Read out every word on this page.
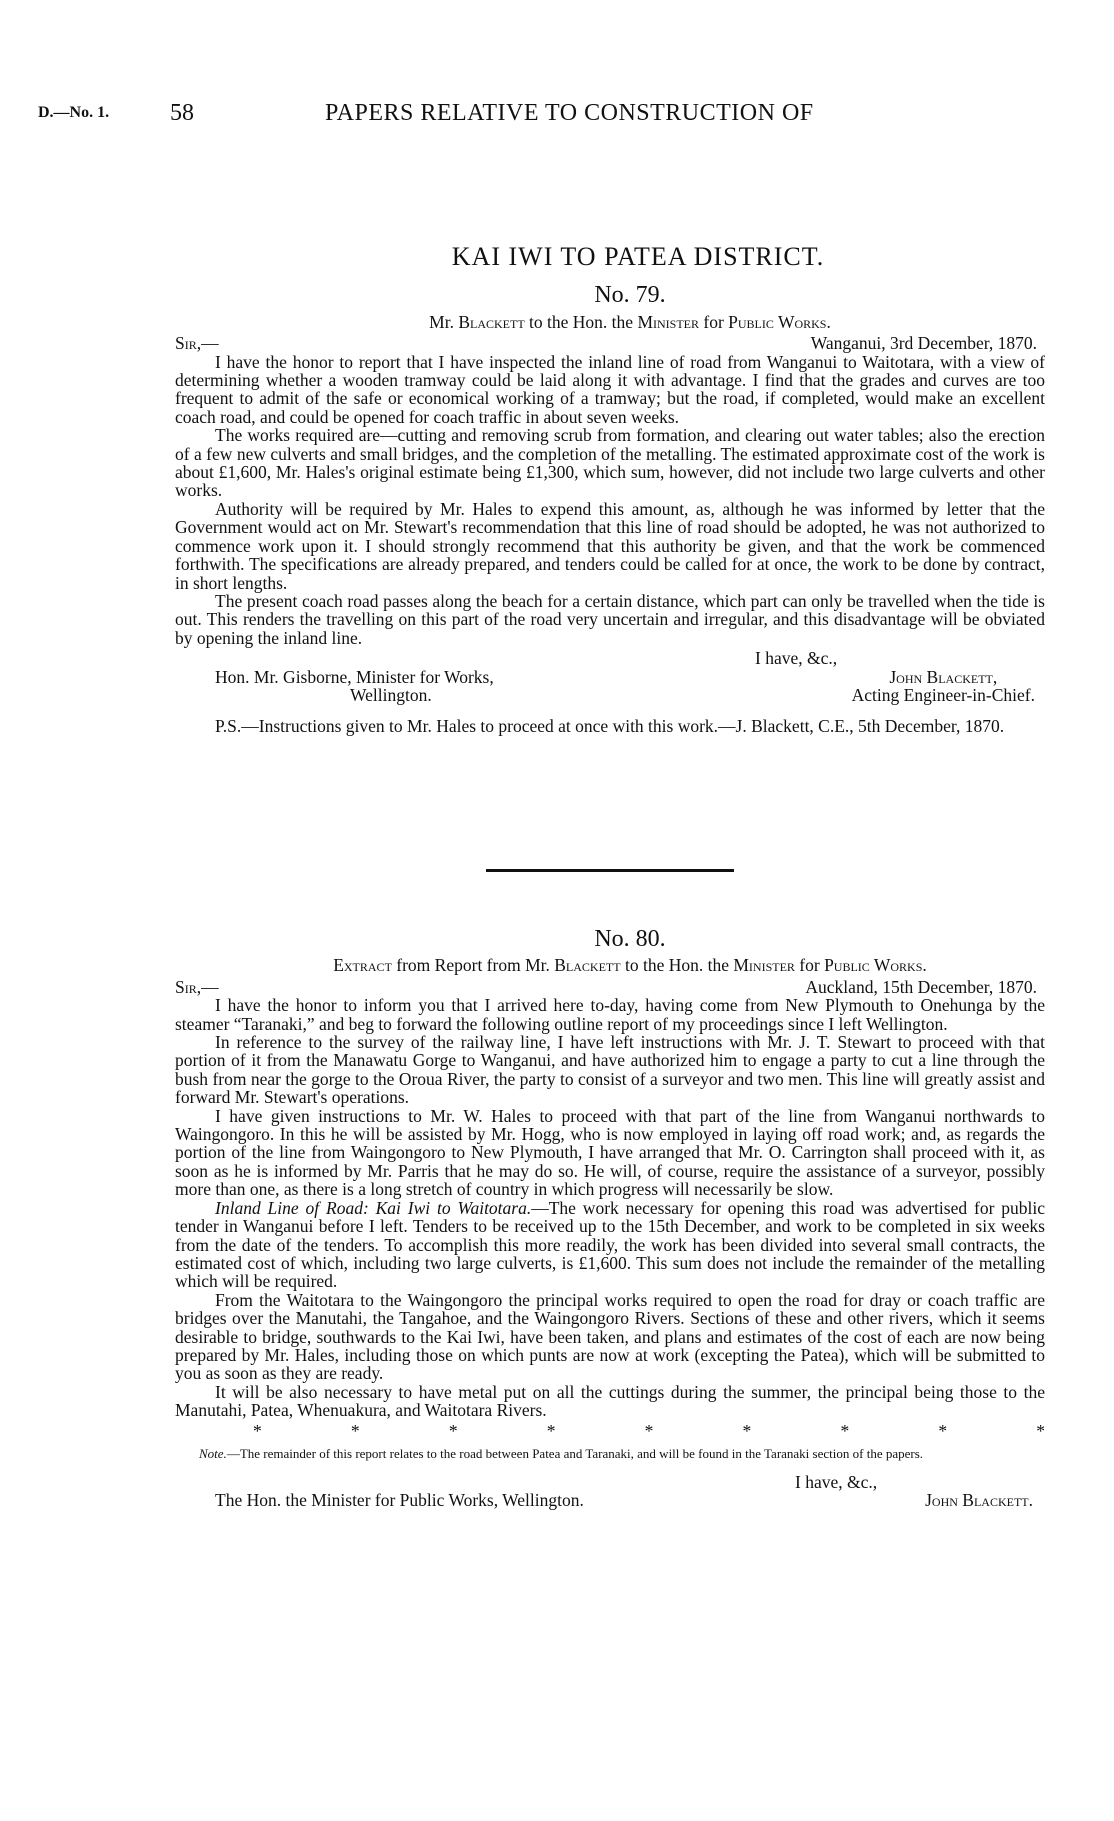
D.—No. 1.	58	PAPERS RELATIVE TO CONSTRUCTION OF
KAI IWI TO PATEA DISTRICT.
No. 79.
Mr. Blackett to the Hon. the Minister for Public Works.
Sir,—	Wanganui, 3rd December, 1870.

I have the honor to report that I have inspected the inland line of road from Wanganui to Waitotara, with a view of determining whether a wooden tramway could be laid along it with advantage. I find that the grades and curves are too frequent to admit of the safe or economical working of a tramway; but the road, if completed, would make an excellent coach road, and could be opened for coach traffic in about seven weeks.

The works required are—cutting and removing scrub from formation, and clearing out water tables; also the erection of a few new culverts and small bridges, and the completion of the metalling. The estimated approximate cost of the work is about £1,600, Mr. Hales's original estimate being £1,300, which sum, however, did not include two large culverts and other works.

Authority will be required by Mr. Hales to expend this amount, as, although he was informed by letter that the Government would act on Mr. Stewart's recommendation that this line of road should be adopted, he was not authorized to commence work upon it. I should strongly recommend that this authority be given, and that the work be commenced forthwith. The specifications are already prepared, and tenders could be called for at once, the work to be done by contract, in short lengths.

The present coach road passes along the beach for a certain distance, which part can only be travelled when the tide is out. This renders the travelling on this part of the road very uncertain and irregular, and this disadvantage will be obviated by opening the inland line.

I have, &c.,
Hon. Mr. Gisborne, Minister for Works,
Wellington.
John Blackett,
Acting Engineer-in-Chief.

P.S.—Instructions given to Mr. Hales to proceed at once with this work.—J. Blackett, C.E., 5th December, 1870.

No. 80.
Extract from Report from Mr. Blackett to the Hon. the Minister for Public Works.
Sir,—	Auckland, 15th December, 1870.

I have the honor to inform you that I arrived here to-day, having come from New Plymouth to Onehunga by the steamer “Taranaki,” and beg to forward the following outline report of my proceedings since I left Wellington.

In reference to the survey of the railway line, I have left instructions with Mr. J. T. Stewart to proceed with that portion of it from the Manawatu Gorge to Wanganui, and have authorized him to engage a party to cut a line through the bush from near the gorge to the Oroua River, the party to consist of a surveyor and two men. This line will greatly assist and forward Mr. Stewart's operations.

I have given instructions to Mr. W. Hales to proceed with that part of the line from Wanganui northwards to Waingongoro. In this he will be assisted by Mr. Hogg, who is now employed in laying off road work; and, as regards the portion of the line from Waingongoro to New Plymouth, I have arranged that Mr. O. Carrington shall proceed with it, as soon as he is informed by Mr. Parris that he may do so. He will, of course, require the assistance of a surveyor, possibly more than one, as there is a long stretch of country in which progress will necessarily be slow.

Inland Line of Road: Kai Iwi to Waitotara.—The work necessary for opening this road was advertised for public tender in Wanganui before I left. Tenders to be received up to the 15th December, and work to be completed in six weeks from the date of the tenders. To accomplish this more readily, the work has been divided into several small contracts, the estimated cost of which, including two large culverts, is £1,600. This sum does not include the remainder of the metalling which will be required.

From the Waitotara to the Waingongoro the principal works required to open the road for dray or coach traffic are bridges over the Manutahi, the Tangahoe, and the Waingongoro Rivers. Sections of these and other rivers, which it seems desirable to bridge, southwards to the Kai Iwi, have been taken, and plans and estimates of the cost of each are now being prepared by Mr. Hales, including those on which punts are now at work (excepting the Patea), which will be submitted to you as soon as they are ready.

It will be also necessary to have metal put on all the cuttings during the summer, the principal being those to the Manutahi, Patea, Whenuakura, and Waitotara Rivers.

*	*	*	*	*	*	*	*	*

Note.—The remainder of this report relates to the road between Patea and Taranaki, and will be found in the Taranaki section of the papers.

I have, &c.,
The Hon. the Minister for Public Works, Wellington.	John Blackett.
